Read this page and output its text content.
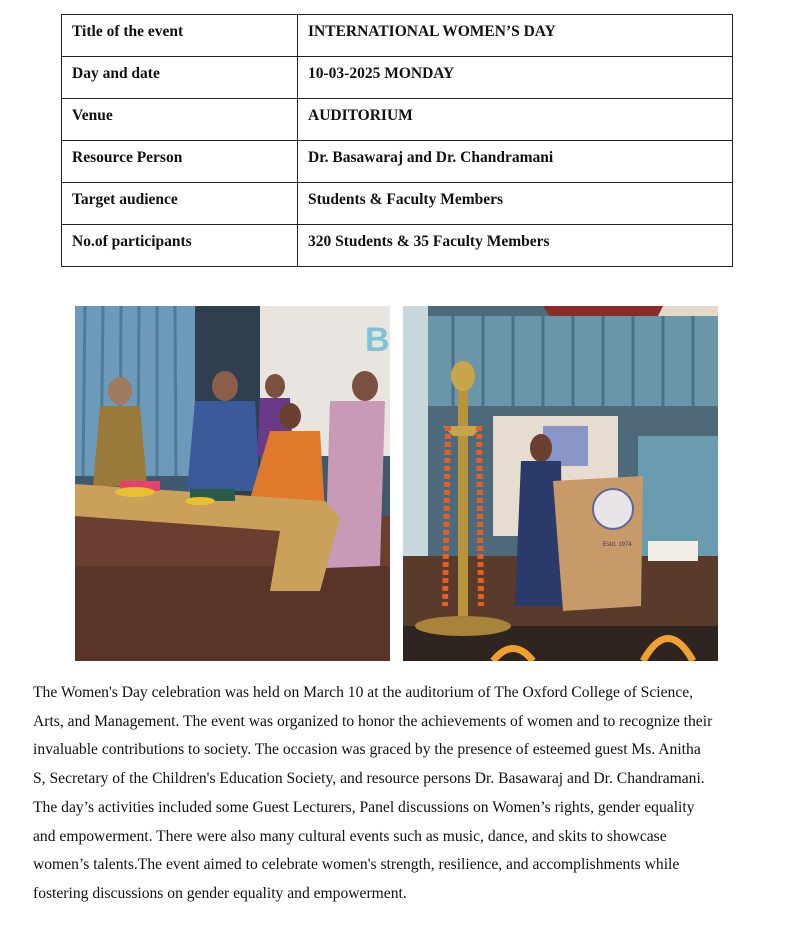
Title of the event	INTERNATIONAL WOMEN’S DAY
Day and date	10-03-2025 MONDAY
Venue	AUDITORIUM
Resource Person	Dr. Basawaraj and Dr. Chandramani
Target audience	Students & Faculty Members
No.of participants	320 Students & 35 Faculty Members
B
Estd. 1974
The Women's Day celebration was held on March 10 at the auditorium of The Oxford College of Science,
Arts, and Management. The event was organized to honor the achievements of women and to recognize their
invaluable contributions to society. The occasion was graced by the presence of esteemed guest Ms. Anitha
S, Secretary of the Children's Education Society, and resource persons Dr. Basawaraj and Dr. Chandramani.
The day’s activities included some Guest Lecturers, Panel discussions on Women’s rights, gender equality
and empowerment. There were also many cultural events such as music, dance, and skits to showcase
women’s talents.The event aimed to celebrate women's strength, resilience, and accomplishments while
fostering discussions on gender equality and empowerment.
